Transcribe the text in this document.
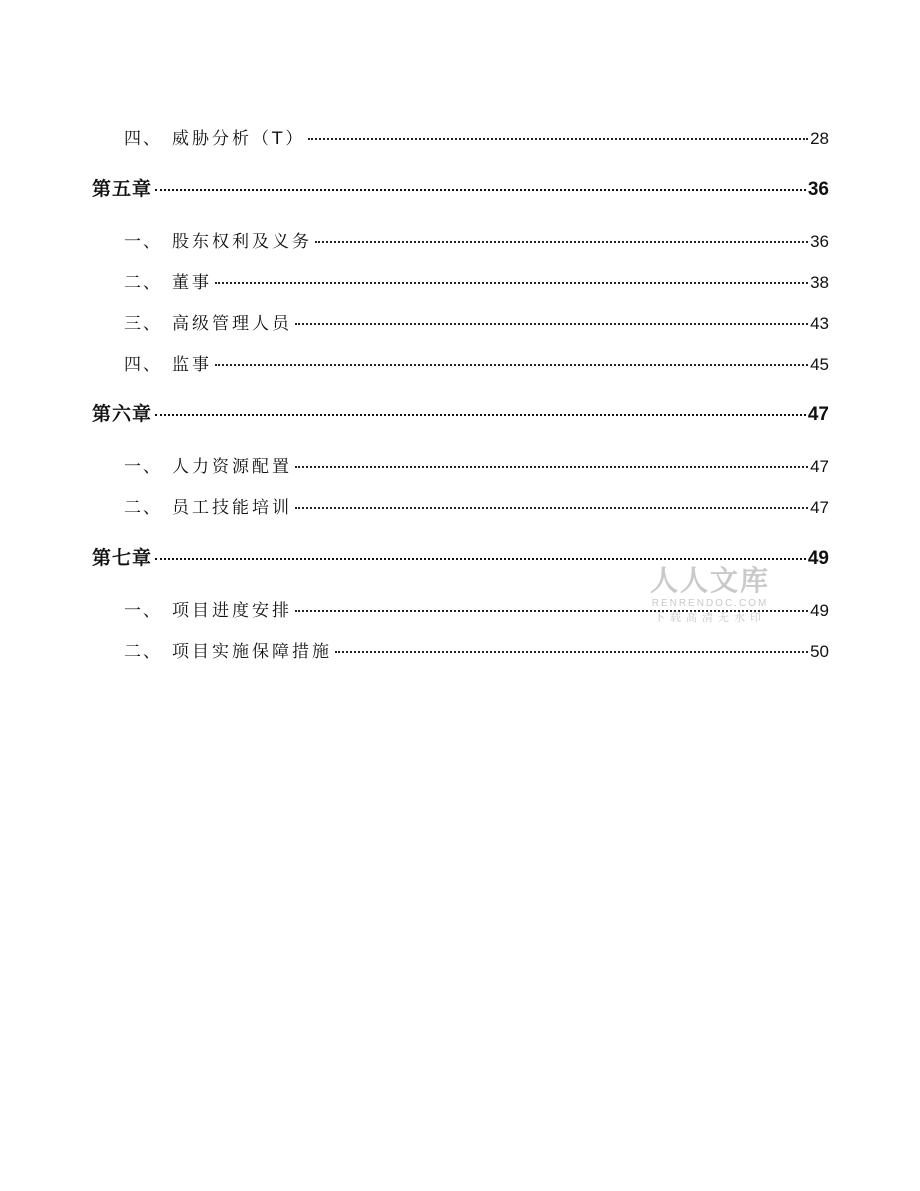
四、 威胁分析（T）	28
第五章	36
一、 股东权利及义务	36
二、 董事	38
三、 高级管理人员	43
四、 监事	45
第六章	47
一、 人力资源配置	47
二、 员工技能培训	47
第七章	49
一、 项目进度安排	49
二、 项目实施保障措施	50
人人文库
RENRENDOC.COM
下载高清无水印
